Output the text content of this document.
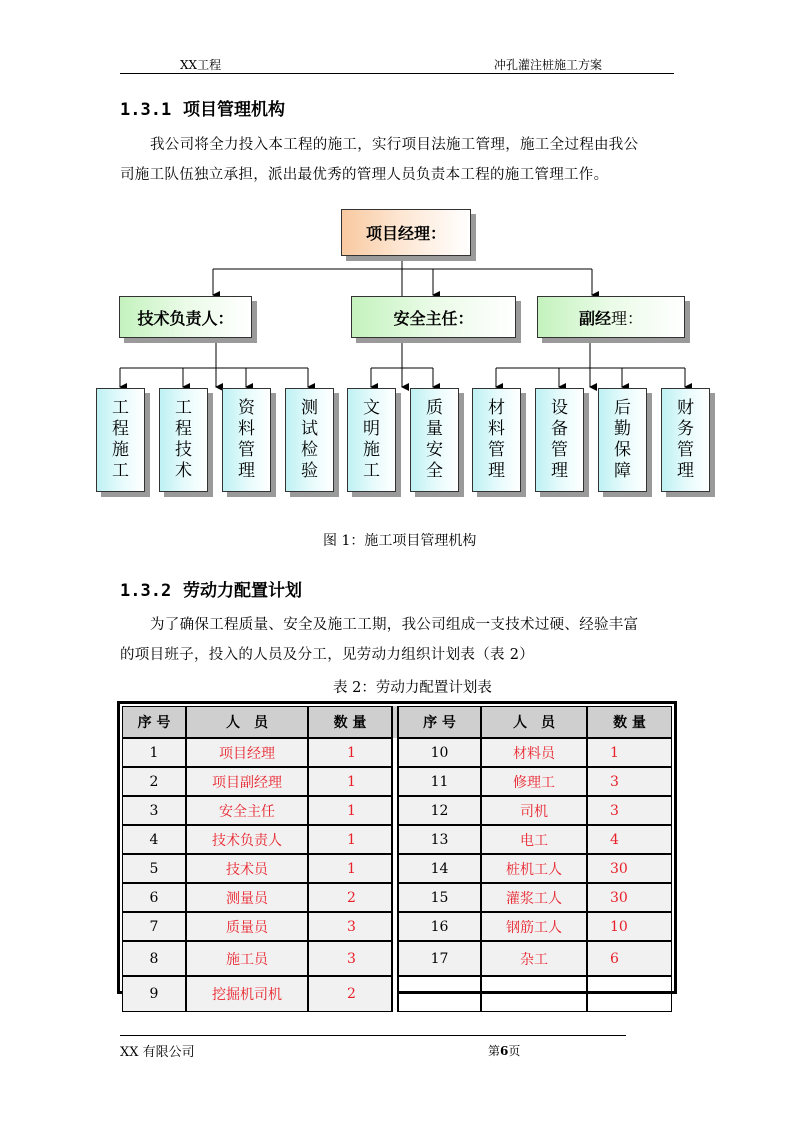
XX工程	冲孔灌注桩施工方案
1.3.1 项目管理机构
我公司将全力投入本工程的施工，实行项目法施工管理，施工全过程由我公
司施工队伍独立承担，派出最优秀的管理人员负责本工程的施工管理工作。
项目经理：
技术负责人：	安全主任：	副经 理：
工
程
施
工
工
程
技
术
资
料
管
理
测
试
检
验
文
明
施
工
质
量
安
全
材
料
管
理
设
备
管
理
后
勤
保
障
财
务
管
理
图 1：施工项目管理机构
1.3.2 劳动力配置计划
为了确保工程质量、安全及施工工期，我公司组成一支技术过硬、经验丰富
的项目班子，投入的人员及分工，见劳动力组织计划表（表 2）
表 2：劳动力配置计划表
序 号	人　员	数 量		序 号	人　员	数 量
1	项目经理	1		10	材料员	1
2	项目副经理	1		11	修理工	3
3	安全主任	1		12	司机	3
4	技术负责人	1		13	电工	4
5	技术员	1		14	桩机工人	30
6	测量员	2		15	灌浆工人	30
7	质量员	3		16	钢筋工人	10
8	施工员	3		17	杂工	6
9	挖掘机司机	2				
XX 有限公司	第6页
